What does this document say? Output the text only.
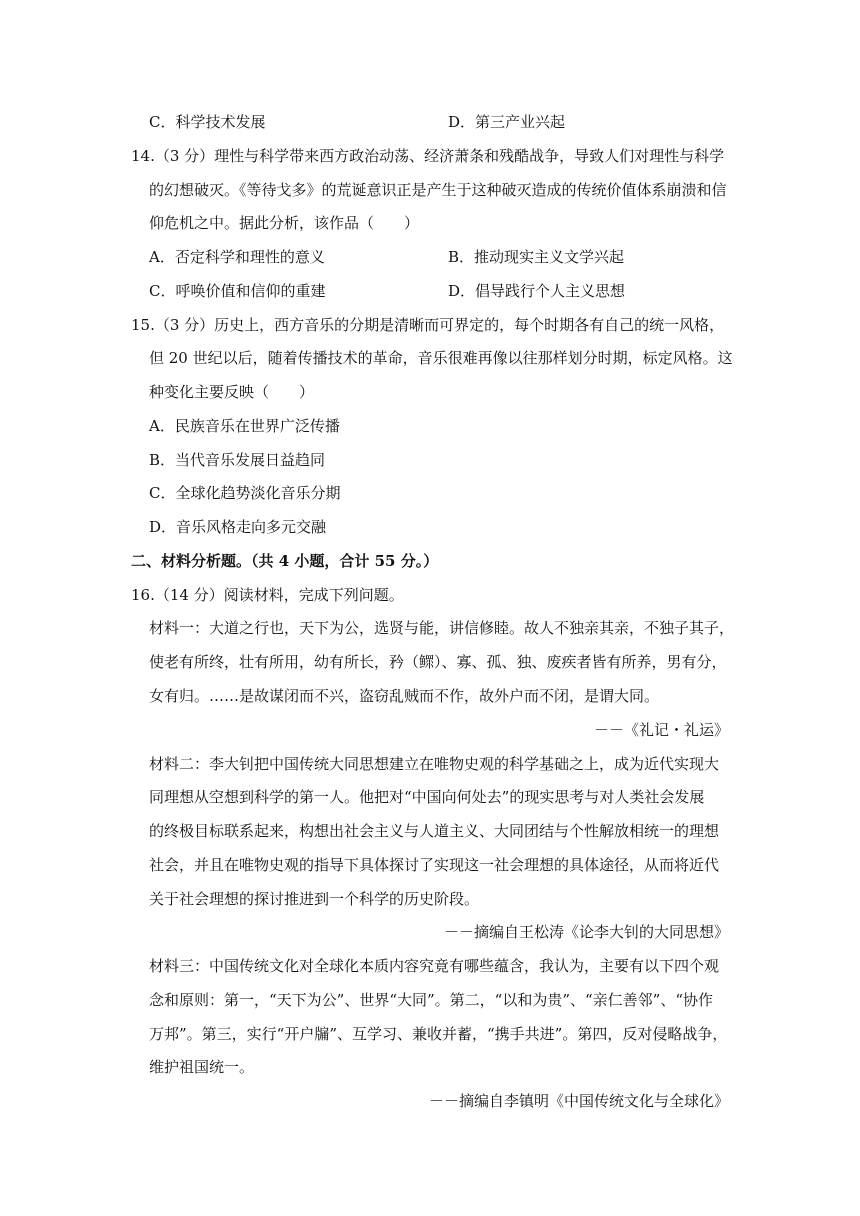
C．科学技术发展	D．第三产业兴起
14.（3 分）理性与科学带来西方政治动荡、经济萧条和残酷战争，导致人们对理性与科学
的幻想破灭。《等待戈多》的荒诞意识正是产生于这种破灭造成的传统价值体系崩溃和信
仰危机之中。据此分析，该作品（　　）
A．否定科学和理性的意义	B．推动现实主义文学兴起
C．呼唤价值和信仰的重建	D．倡导践行个人主义思想
15.（3 分）历史上，西方音乐的分期是清晰而可界定的，每个时期各有自己的统一风格，
但 20 世纪以后，随着传播技术的革命，音乐很难再像以往那样划分时期，标定风格。这
种变化主要反映（　　）
A．民族音乐在世界广泛传播
B．当代音乐发展日益趋同
C．全球化趋势淡化音乐分期
D．音乐风格走向多元交融
二、材料分析题。（共 4 小题，合计 55 分。）
16.（14 分）阅读材料，完成下列问题。
材料一：大道之行也，天下为公，选贤与能，讲信修睦。故人不独亲其亲，不独子其子，
使老有所终，壮有所用，幼有所长，矜（鳏）、寡、孤、独、废疾者皆有所养，男有分，
女有归。……是故谋闭而不兴，盗窃乱贼而不作，故外户而不闭，是谓大同。
－－《礼记・礼运》
材料二：李大钊把中国传统大同思想建立在唯物史观的科学基础之上，成为近代实现大
同理想从空想到科学的第一人。他把对“中国向何处去”的现实思考与对人类社会发展
的终极目标联系起来，构想出社会主义与人道主义、大同团结与个性解放相统一的理想
社会，并且在唯物史观的指导下具体探讨了实现这一社会理想的具体途径，从而将近代
关于社会理想的探讨推进到一个科学的历史阶段。
－－摘编自王松涛《论李大钊的大同思想》
材料三：中国传统文化对全球化本质内容究竟有哪些蕴含，我认为，主要有以下四个观
念和原则：第一，“天下为公”、世界“大同”。第二，“以和为贵”、“亲仁善邻”、“协作
万邦”。第三，实行“开户牖”、互学习、兼收并蓄，“携手共进”。第四，反对侵略战争，
维护祖国统一。
－－摘编自李镇明《中国传统文化与全球化》
